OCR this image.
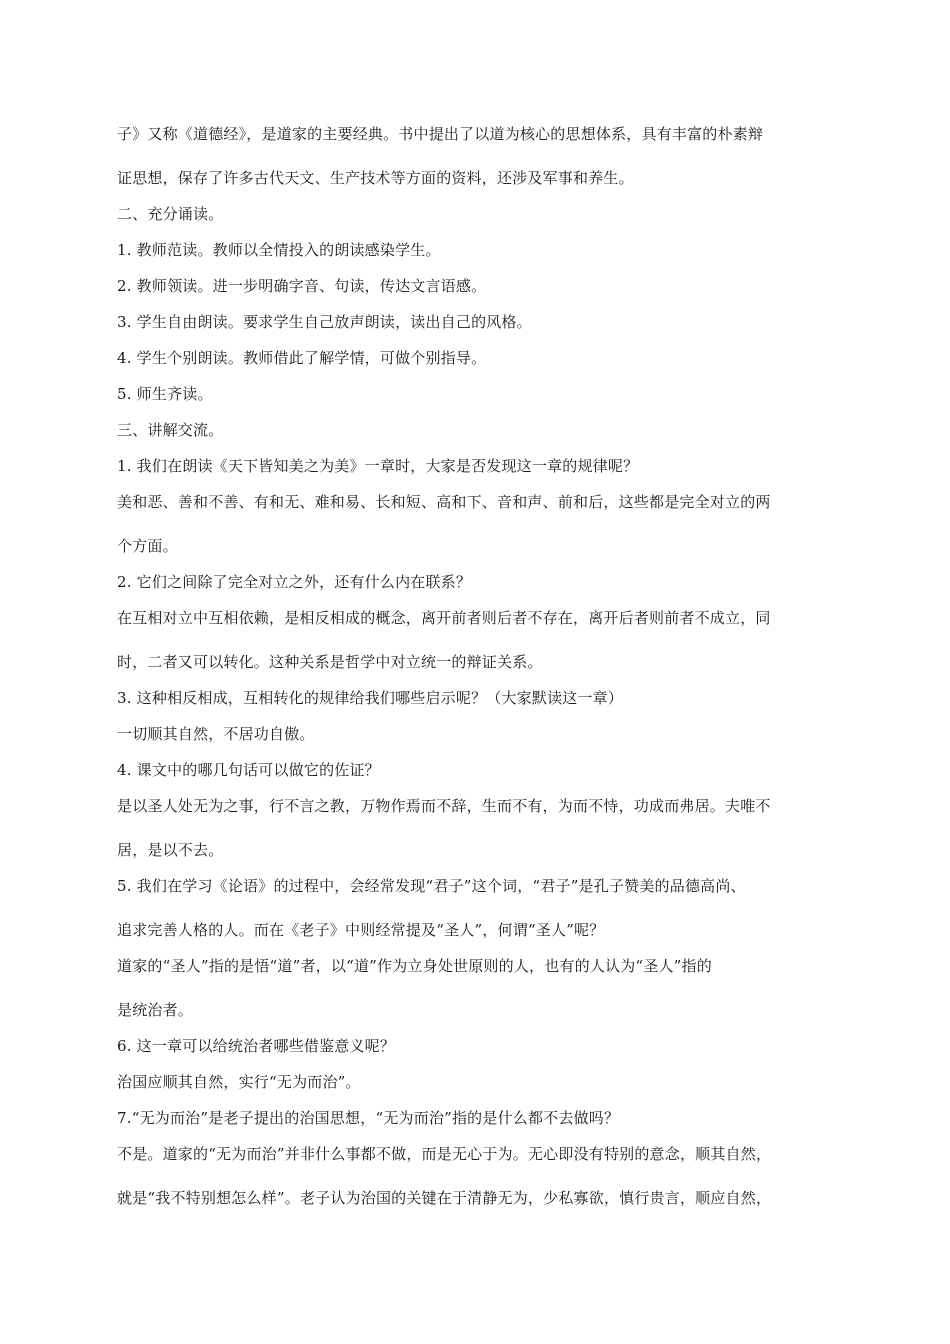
子》又称《道德经》，是道家的主要经典。书中提出了以道为核心的思想体系，具有丰富的朴素辩
证思想，保存了许多古代天文、生产技术等方面的资料，还涉及军事和养生。
二、充分诵读。
1. 教师范读。教师以全情投入的朗读感染学生。
2. 教师领读。进一步明确字音、句读，传达文言语感。
3. 学生自由朗读。要求学生自己放声朗读，读出自己的风格。
4. 学生个别朗读。教师借此了解学情，可做个别指导。
5. 师生齐读。
三、讲解交流。
1. 我们在朗读《天下皆知美之为美》一章时，大家是否发现这一章的规律呢？
美和恶、善和不善、有和无、难和易、长和短、高和下、音和声、前和后，这些都是完全对立的两
个方面。
2. 它们之间除了完全对立之外，还有什么内在联系？
在互相对立中互相依赖，是相反相成的概念，离开前者则后者不存在，离开后者则前者不成立，同
时，二者又可以转化。这种关系是哲学中对立统一的辩证关系。
3. 这种相反相成，互相转化的规律给我们哪些启示呢？（大家默读这一章）
一切顺其自然，不居功自傲。
4. 课文中的哪几句话可以做它的佐证？
是以圣人处无为之事，行不言之教，万物作焉而不辞，生而不有，为而不恃，功成而弗居。夫唯不
居，是以不去。
5. 我们在学习《论语》的过程中，会经常发现“君子”这个词，“君子”是孔子赞美的品德高尚、
追求完善人格的人。而在《老子》中则经常提及“圣人”，何谓“圣人”呢？
道家的“圣人”指的是悟“道”者，以“道”作为立身处世原则的人，也有的人认为“圣人”指的
是统治者。
6. 这一章可以给统治者哪些借鉴意义呢？
治国应顺其自然，实行“无为而治”。
7.“无为而治”是老子提出的治国思想，“无为而治”指的是什么都不去做吗？
不是。道家的“无为而治”并非什么事都不做，而是无心于为。无心即没有特别的意念，顺其自然，
就是“我不特别想怎么样”。老子认为治国的关键在于清静无为，少私寡欲，慎行贵言，顺应自然，
